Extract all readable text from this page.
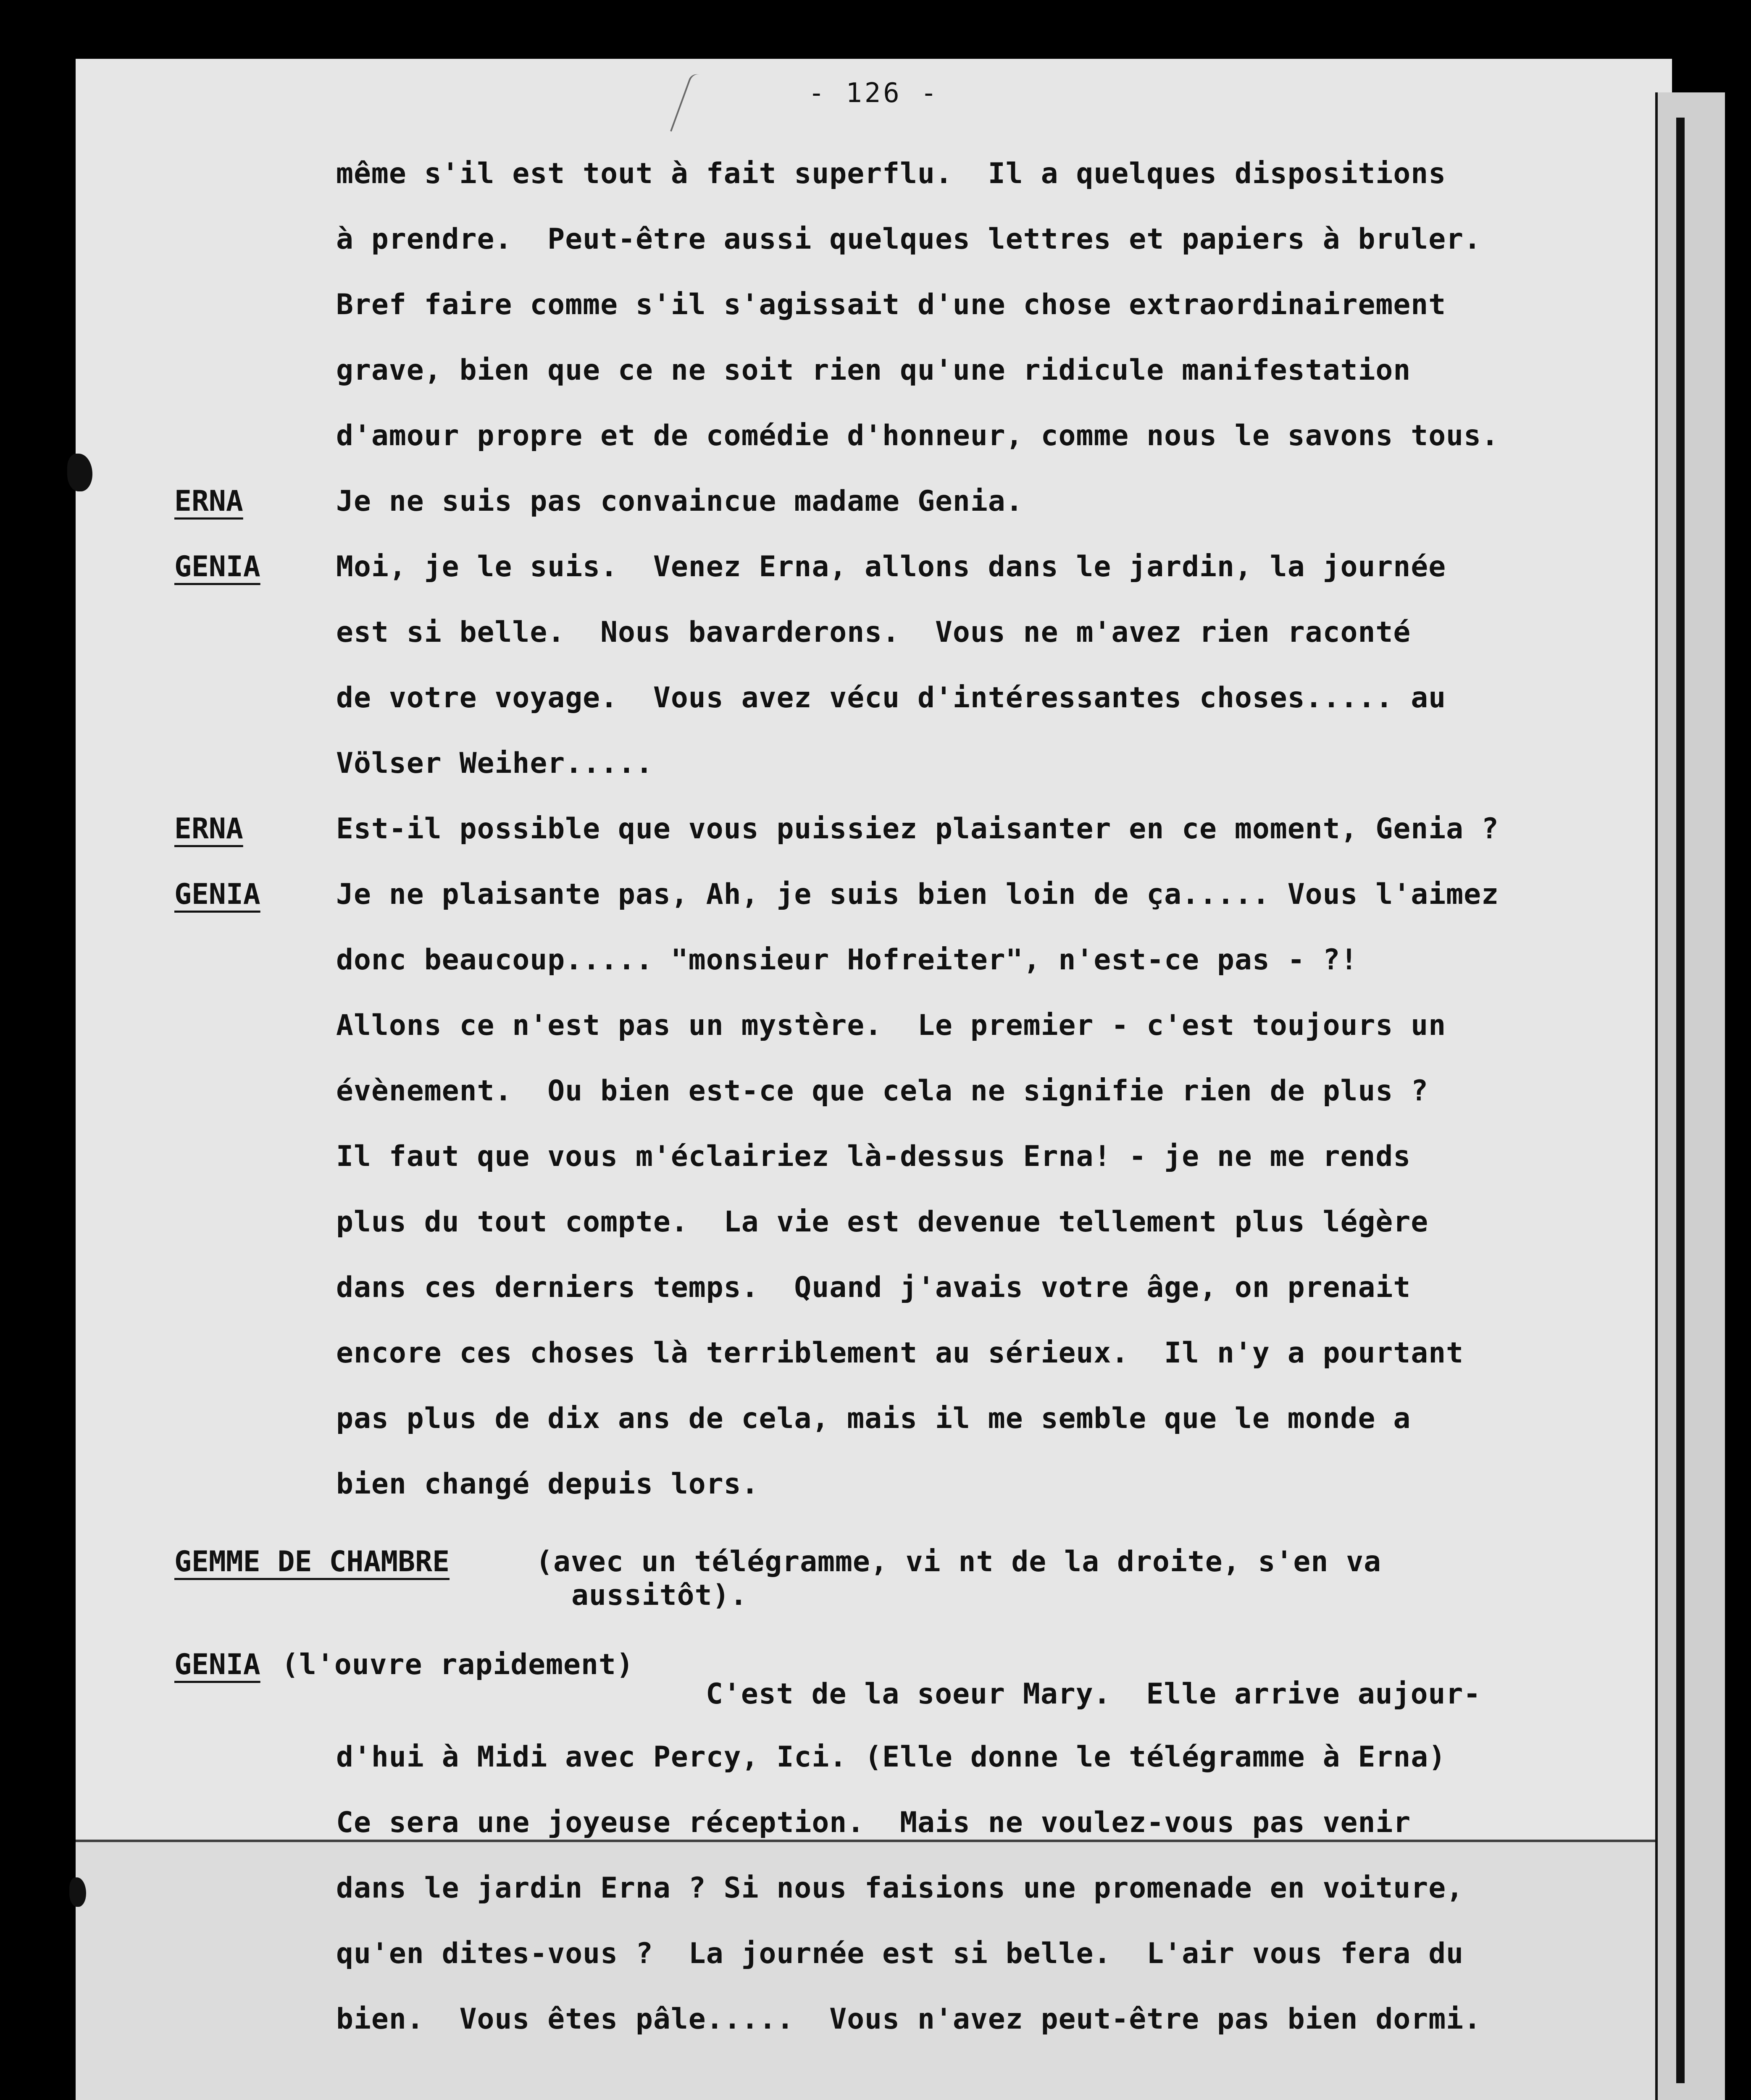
- 126 -
même s'il est tout à fait superflu.  Il a quelques dispositions
à prendre.  Peut-être aussi quelques lettres et papiers à bruler.
Bref faire comme s'il s'agissait d'une chose extraordinairement
grave, bien que ce ne soit rien qu'une ridicule manifestation
d'amour propre et de comédie d'honneur, comme nous le savons tous.
ERNA	Je ne suis pas convaincue madame Genia.
GENIA	Moi, je le suis.  Venez Erna, allons dans le jardin, la journée
est si belle.  Nous bavarderons.  Vous ne m'avez rien raconté
de votre voyage.  Vous avez vécu d'intéressantes choses..... au
Völser Weiher.....
ERNA	Est-il possible que vous puissiez plaisanter en ce moment, Genia ?
GENIA	Je ne plaisante pas, Ah, je suis bien loin de ça..... Vous l'aimez
donc beaucoup..... "monsieur Hofreiter", n'est-ce pas - ?!
Allons ce n'est pas un mystère.  Le premier - c'est toujours un
évènement.  Ou bien est-ce que cela ne signifie rien de plus ?
Il faut que vous m'éclairiez là-dessus Erna! - je ne me rends
plus du tout compte.  La vie est devenue tellement plus légère
dans ces derniers temps.  Quand j'avais votre âge, on prenait
encore ces choses là terriblement au sérieux.  Il n'y a pourtant
pas plus de dix ans de cela, mais il me semble que le monde a
bien changé depuis lors.
GEMME DE CHAMBRE	(avec un télégramme, vi nt de la droite, s'en va
aussitôt).
GENIA (l'ouvre rapidement)
C'est de la soeur Mary.  Elle arrive aujour-
d'hui à Midi avec Percy, Ici. (Elle donne le télégramme à Erna)
Ce sera une joyeuse réception.  Mais ne voulez-vous pas venir
dans le jardin Erna ? Si nous faisions une promenade en voiture,
qu'en dites-vous ?  La journée est si belle.  L'air vous fera du
bien.  Vous êtes pâle.....  Vous n'avez peut-être pas bien dormi.
